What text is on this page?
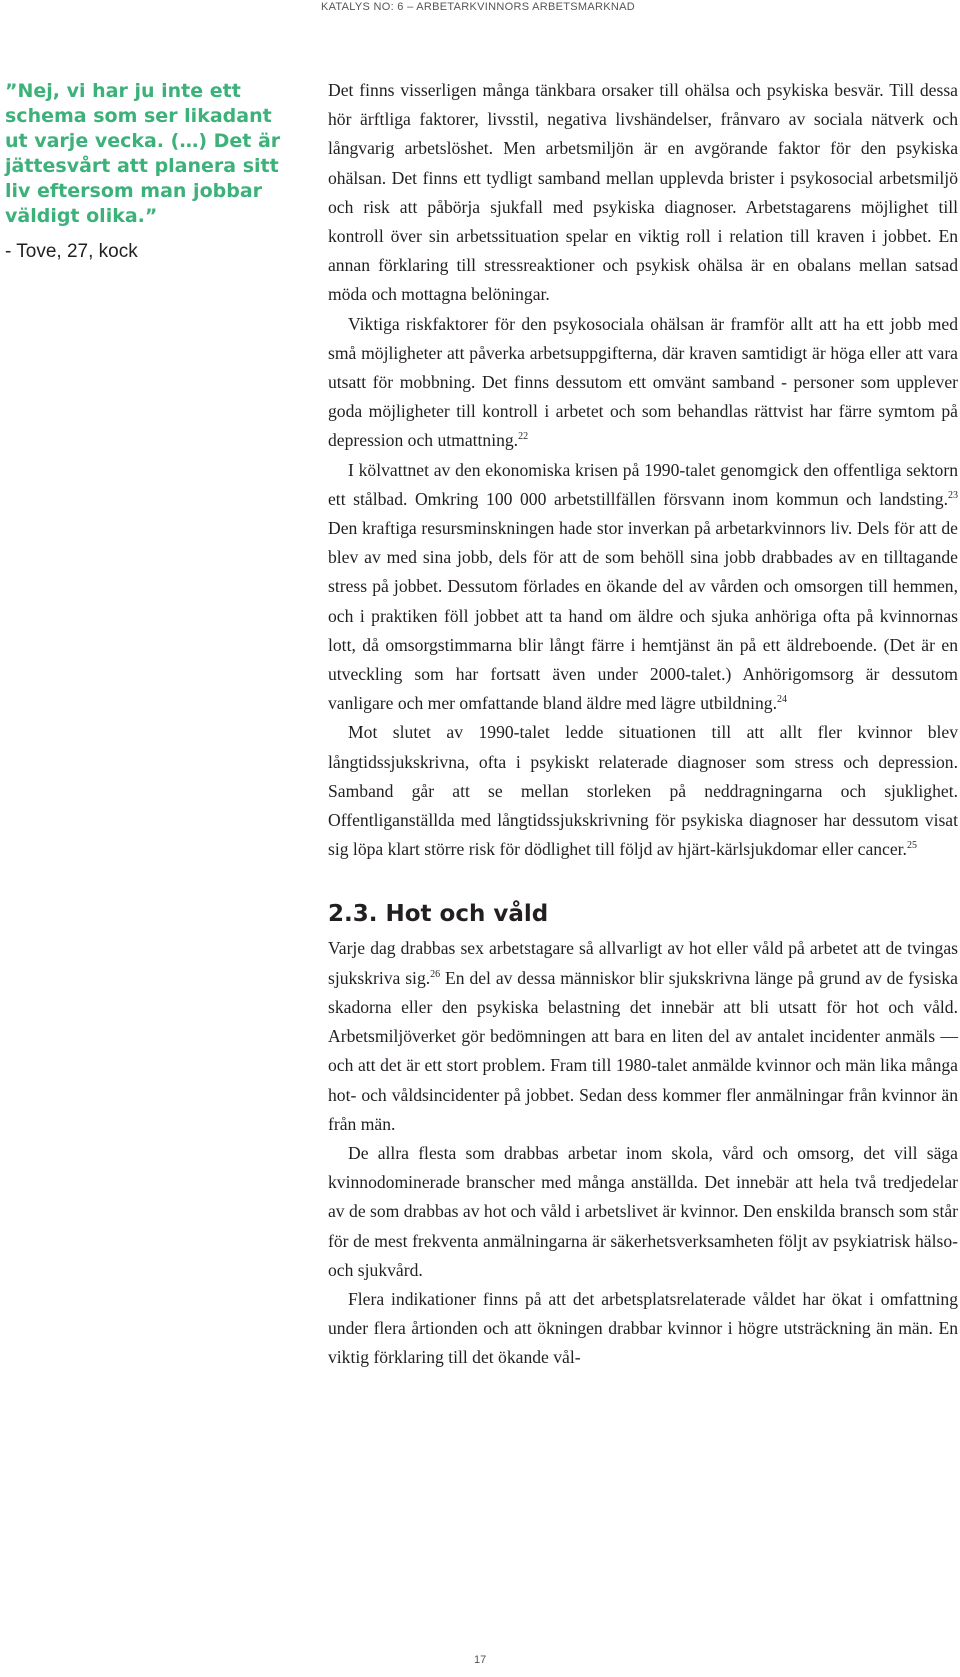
KATALYS NO: 6 – ARBETARKVINNORS ARBETSMARKNAD

”Nej, vi har ju inte ett schema som ser likadant ut varje vecka. (…) Det är jättesvårt att planera sitt liv eftersom man jobbar väldigt olika.”

- Tove, 27, kock

Det finns visserligen många tänkbara orsaker till ohälsa och psykiska besvär. Till dessa hör ärftliga faktorer, livsstil, negativa livshändelser, frånvaro av sociala nätverk och långvarig arbetslöshet. Men arbetsmiljön är en avgörande faktor för den psykiska ohälsan. Det finns ett tydligt samband mellan upplevda brister i psykosocial arbetsmiljö och risk att påbörja sjukfall med psykiska diagnoser. Arbetstagarens möjlighet till kontroll över sin arbetssituation spelar en viktig roll i relation till kraven i jobbet. En annan förklaring till stressreaktioner och psykisk ohälsa är en obalans mellan satsad möda och mottagna belöningar.

Viktiga riskfaktorer för den psykosociala ohälsan är framför allt att ha ett jobb med små möjligheter att påverka arbetsuppgifterna, där kraven samtidigt är höga eller att vara utsatt för mobbning. Det finns dessutom ett omvänt samband - personer som upplever goda möjligheter till kontroll i arbetet och som behandlas rättvist har färre symtom på depression och utmattning.$^{22}$

I kölvattnet av den ekonomiska krisen på 1990-talet genomgick den offentliga sektorn ett stålbad. Omkring 100 000 arbetstillfällen försvann inom kommun och landsting.$^{23}$ Den kraftiga resursminskningen hade stor inverkan på arbetarkvinnors liv. Dels för att de blev av med sina jobb, dels för att de som behöll sina jobb drabbades av en tilltagande stress på jobbet. Dessutom förlades en ökande del av vården och omsorgen till hemmen, och i praktiken föll jobbet att ta hand om äldre och sjuka anhöriga ofta på kvinnornas lott, då omsorgstimmarna blir långt färre i hemtjänst än på ett äldreboende. (Det är en utveckling som har fortsatt även under 2000-talet.) Anhörigomsorg är dessutom vanligare och mer omfattande bland äldre med lägre utbildning.$^{24}$

Mot slutet av 1990-talet ledde situationen till att allt fler kvinnor blev långtidssjukskrivna, ofta i psykiskt relaterade diagnoser som stress och depression. Samband går att se mellan storleken på neddragningarna och sjuklighet. Offentliganställda med långtidssjukskrivning för psykiska diagnoser har dessutom visat sig löpa klart större risk för dödlighet till följd av hjärt-kärlsjukdomar eller cancer.$^{25}$

2.3. Hot och våld

Varje dag drabbas sex arbetstagare så allvarligt av hot eller våld på arbetet att de tvingas sjukskriva sig.$^{26}$ En del av dessa människor blir sjukskrivna länge på grund av de fysiska skadorna eller den psykiska belastning det innebär att bli utsatt för hot och våld. Arbetsmiljöverket gör bedömningen att bara en liten del av antalet incidenter anmäls — och att det är ett stort problem. Fram till 1980-talet anmälde kvinnor och män lika många hot- och våldsincidenter på jobbet. Sedan dess kommer fler anmälningar från kvinnor än från män.

De allra flesta som drabbas arbetar inom skola, vård och omsorg, det vill säga kvinnodominerade branscher med många anställda. Det innebär att hela två tredjedelar av de som drabbas av hot och våld i arbetslivet är kvinnor. Den enskilda bransch som står för de mest frekventa anmälningarna är säkerhetsverksamheten följt av psykiatrisk hälso- och sjukvård.

Flera indikationer finns på att det arbetsplatsrelaterade våldet har ökat i omfattning under flera årtionden och att ökningen drabbar kvinnor i högre utsträckning än män. En viktig förklaring till det ökande vål-

17
